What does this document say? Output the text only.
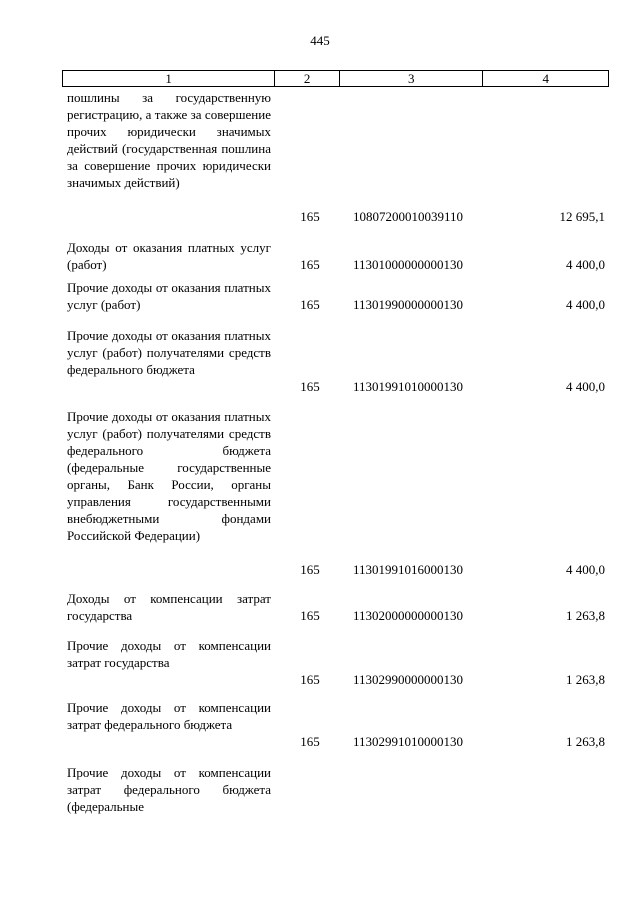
445
1	2	3	4
пошлины за государственную регистрацию, а также за совершение прочих юридически значимых действий (государственная пошлина за совершение прочих юридически значимых действий)
165	10807200010039110	12 695,1
Доходы от оказания платных услуг (работ)	165	11301000000000130	4 400,0
Прочие доходы от оказания платных услуг (работ)	165	11301990000000130	4 400,0
Прочие доходы от оказания платных услуг (работ) получателями средств федерального бюджета
165	11301991010000130	4 400,0
Прочие доходы от оказания платных услуг (работ) получателями средств федерального бюджета (федеральные государственные органы, Банк России, органы управления государственными внебюджетными фондами Российской Федерации)
165	11301991016000130	4 400,0
Доходы от компенсации затрат государства	165	11302000000000130	1 263,8
Прочие доходы от компенсации затрат государства
165	11302990000000130	1 263,8
Прочие доходы от компенсации затрат федерального бюджета
165	11302991010000130	1 263,8
Прочие доходы от компенсации затрат федерального бюджета (федеральные
